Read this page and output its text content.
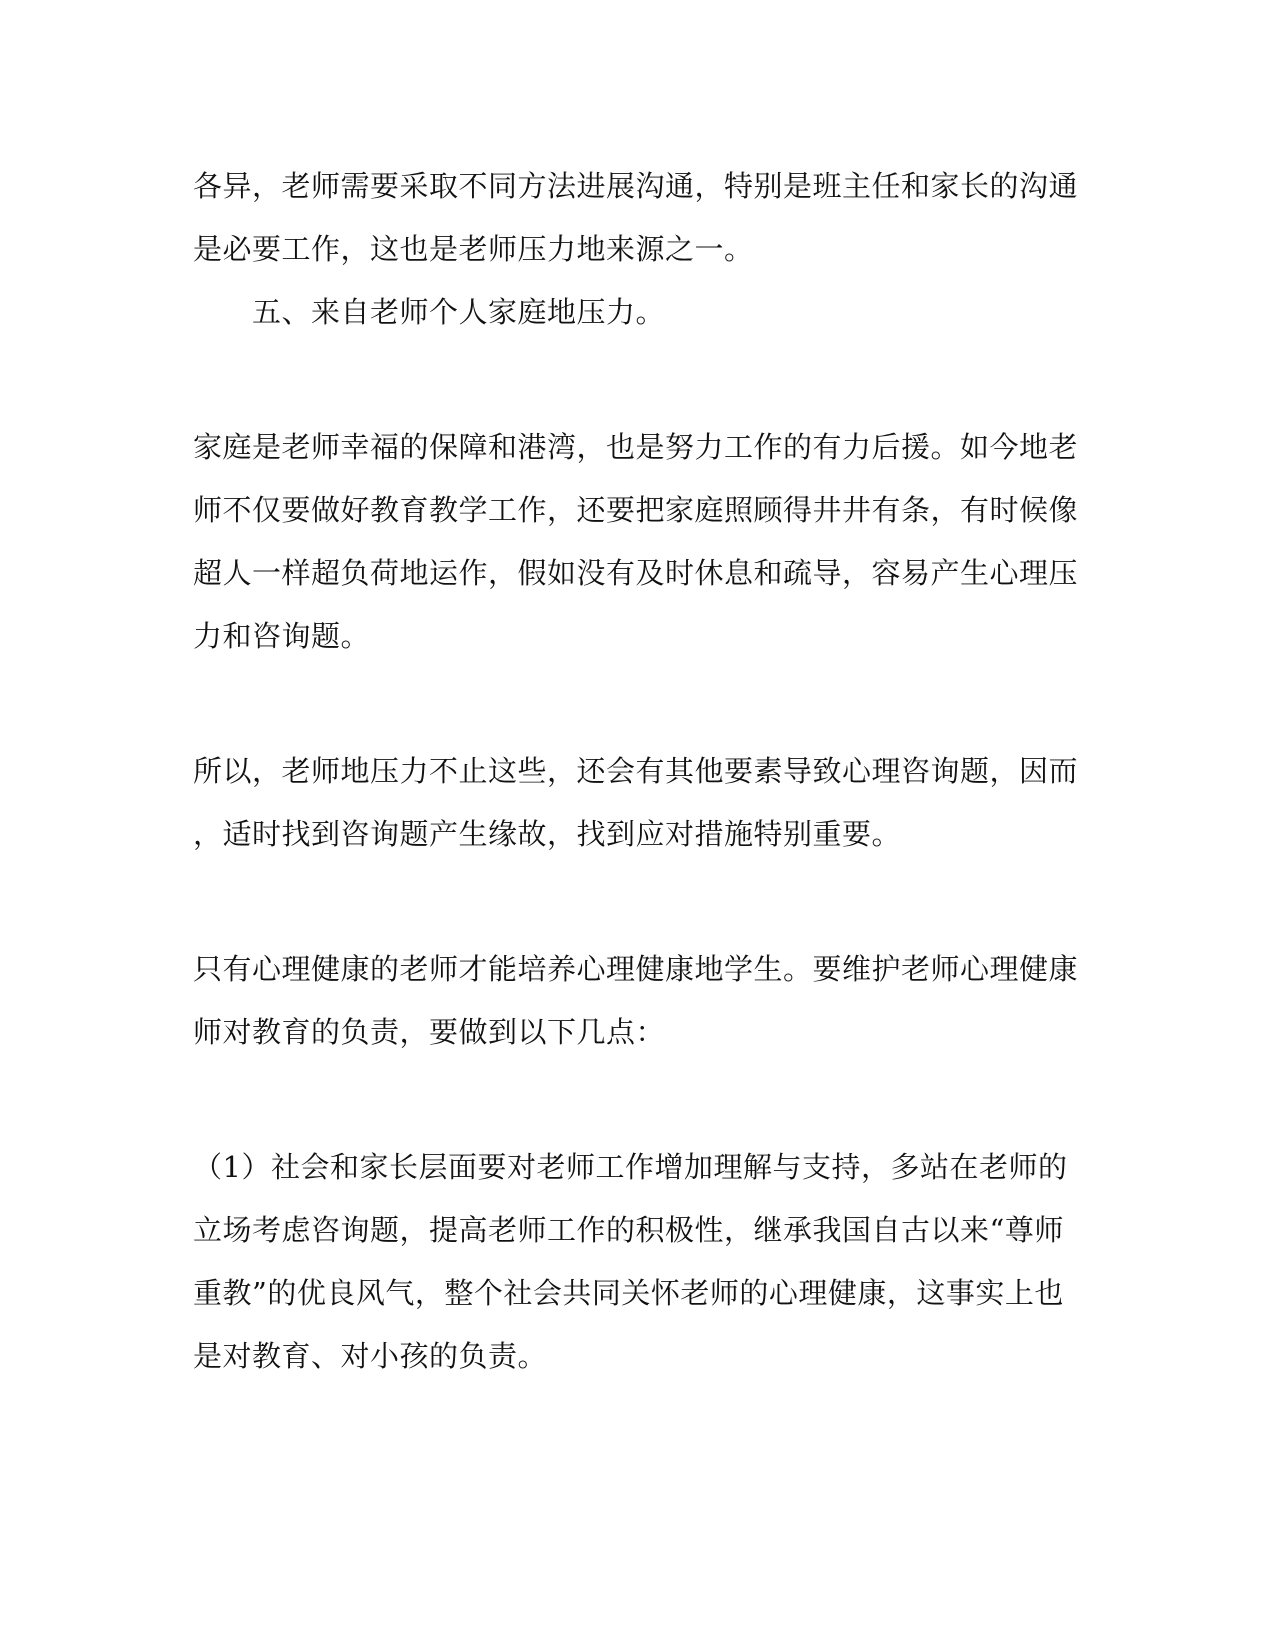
各异，老师需要采取不同方法进展沟通，特别是班主任和家长的沟通
是必要工作，这也是老师压力地来源之一。
五、来自老师个人家庭地压力。
家庭是老师幸福的保障和港湾，也是努力工作的有力后援。如今地老
师不仅要做好教育教学工作，还要把家庭照顾得井井有条，有时候像
超人一样超负荷地运作，假如没有及时休息和疏导，容易产生心理压
力和咨询题。
所以，老师地压力不止这些，还会有其他要素导致心理咨询题，因而
，适时找到咨询题产生缘故，找到应对措施特别重要。
只有心理健康的老师才能培养心理健康地学生。要维护老师心理健康
师对教育的负责，要做到以下几点：
（1）社会和家长层面要对老师工作增加理解与支持，多站在老师的
立场考虑咨询题，提高老师工作的积极性，继承我国自古以来“尊师
重教”的优良风气，整个社会共同关怀老师的心理健康，这事实上也
是对教育、对小孩的负责。
